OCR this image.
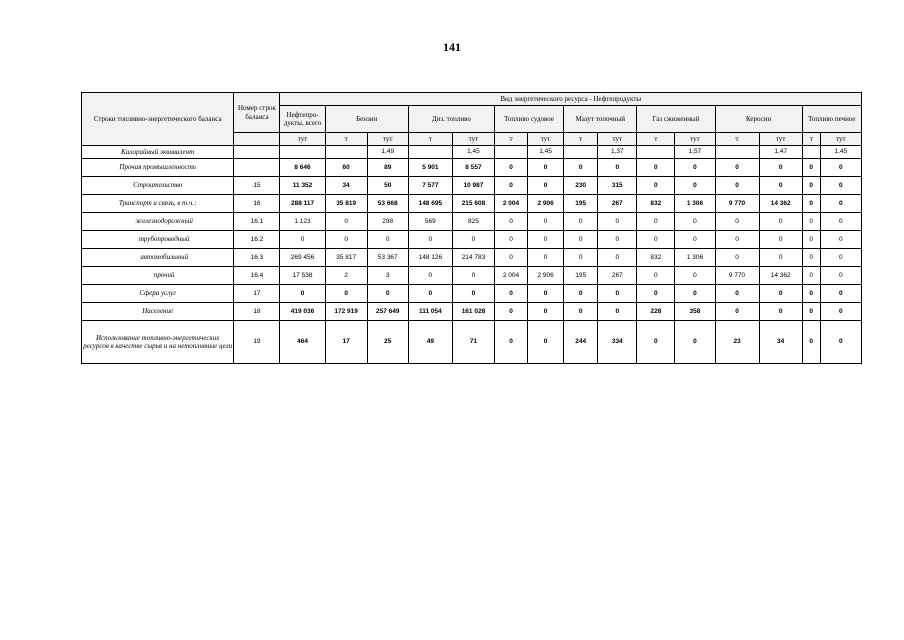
141
Строки топливно-энергетического баланса	Номер строк баланса	Вид энергетического ресурса - Нефтепродукты														
		Нефтепро-дукты, всего	Бензин		Диз. топливо		Топливо судовое		Мазут топочный		Газ сжиженный		Керосин		Топливо печное	
		тут	т	тут	т	тут	т	тут	т	тут	т	тут	т	тут	т	тут
Калорийный эквивалент				1,49		1,45		1,45		1,37		1,57		1,47		1,45
Прочая промышленность		8 646	60	89	5 901	8 557	0	0	0	0	0	0	0	0	0	0
Строительство	15	11 352	34	50	7 577	10 987	0	0	230	315	0	0	0	0	0	0
Транспорт и связь, в т.ч.:	16	288 117	35 819	53 668	148 695	215 608	2 004	2 906	195	267	832	1 306	9 770	14 362	0	0
железнодорожный	16.1	1 123	0	298	569	825	0	0	0	0	0	0	0	0	0	0
трубопроводный	16.2	0	0	0	0	0	0	0	0	0	0	0	0	0	0	0
автомобильный	16.3	269 456	35 817	53 367	148 126	214 783	0	0	0	0	832	1 306	0	0	0	0
прочий	16.4	17 538	2	3	0	0	2 004	2 906	195	267	0	0	9 770	14 362	0	0
Сфера услуг	17	0	0	0	0	0	0	0	0	0	0	0	0	0	0	0
Население	18	419 036	172 919	257 649	111 054	161 028	0	0	0	0	228	358	0	0	0	0
Использование топливно-энергетических ресурсов в качестве сырья и на нетопливные цели	19	464	17	25	49	71	0	0	244	334	0	0	23	34	0	0
